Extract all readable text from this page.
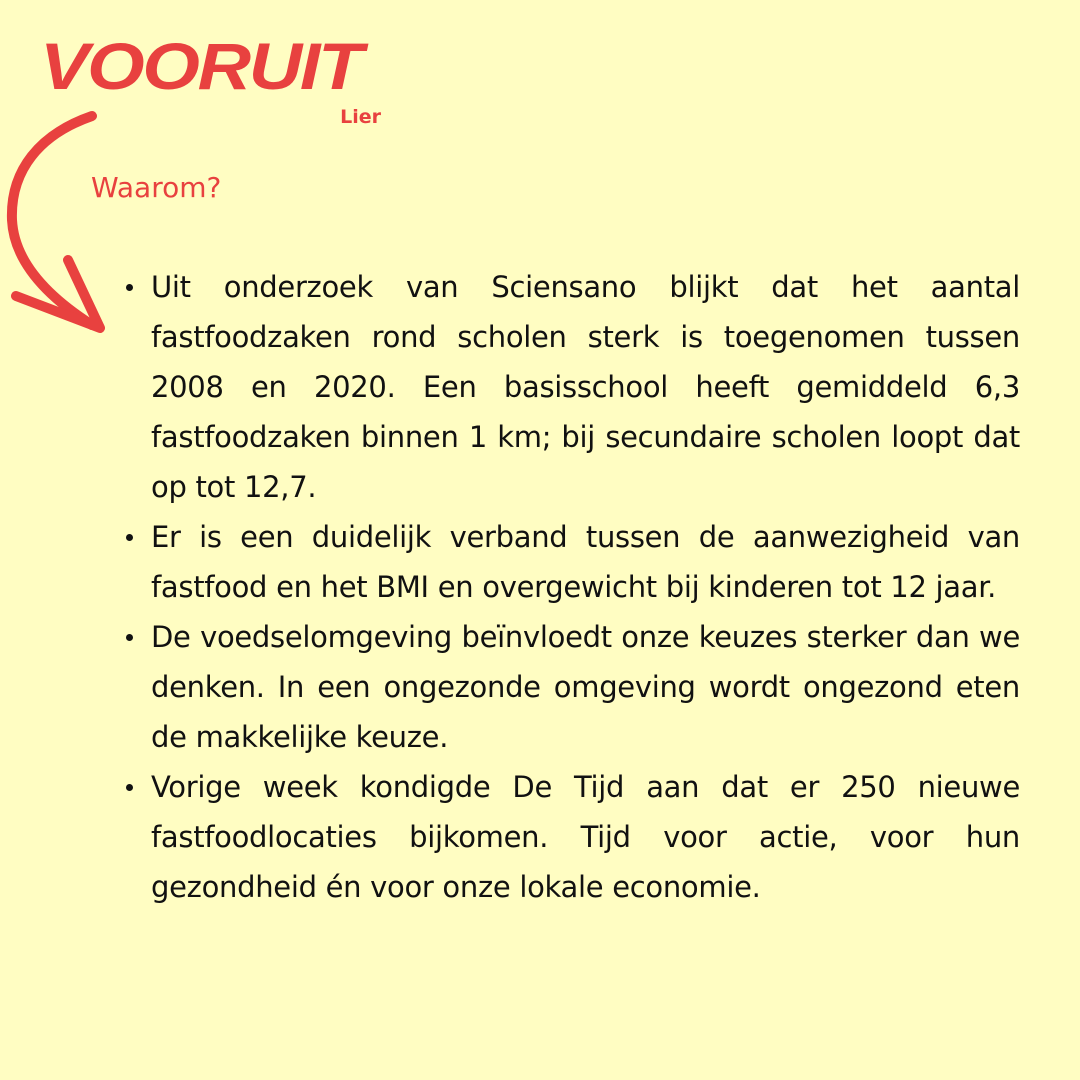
VOORUIT
Lier
Waarom?
Uit onderzoek van Sciensano blijkt dat het aantal fastfoodzaken rond scholen sterk is toegenomen tussen 2008 en 2020. Een basisschool heeft gemiddeld 6,3 fastfoodzaken binnen 1 km; bij secundaire scholen loopt dat op tot 12,7.
Er is een duidelijk verband tussen de aanwezigheid van fastfood en het BMI en overgewicht bij kinderen tot 12 jaar.
De voedselomgeving beïnvloedt onze keuzes sterker dan we denken. In een ongezonde omgeving wordt ongezond eten de makkelijke keuze.
Vorige week kondigde De Tijd aan dat er 250 nieuwe fastfoodlocaties bijkomen. Tijd voor actie, voor hun gezondheid én voor onze lokale economie.
